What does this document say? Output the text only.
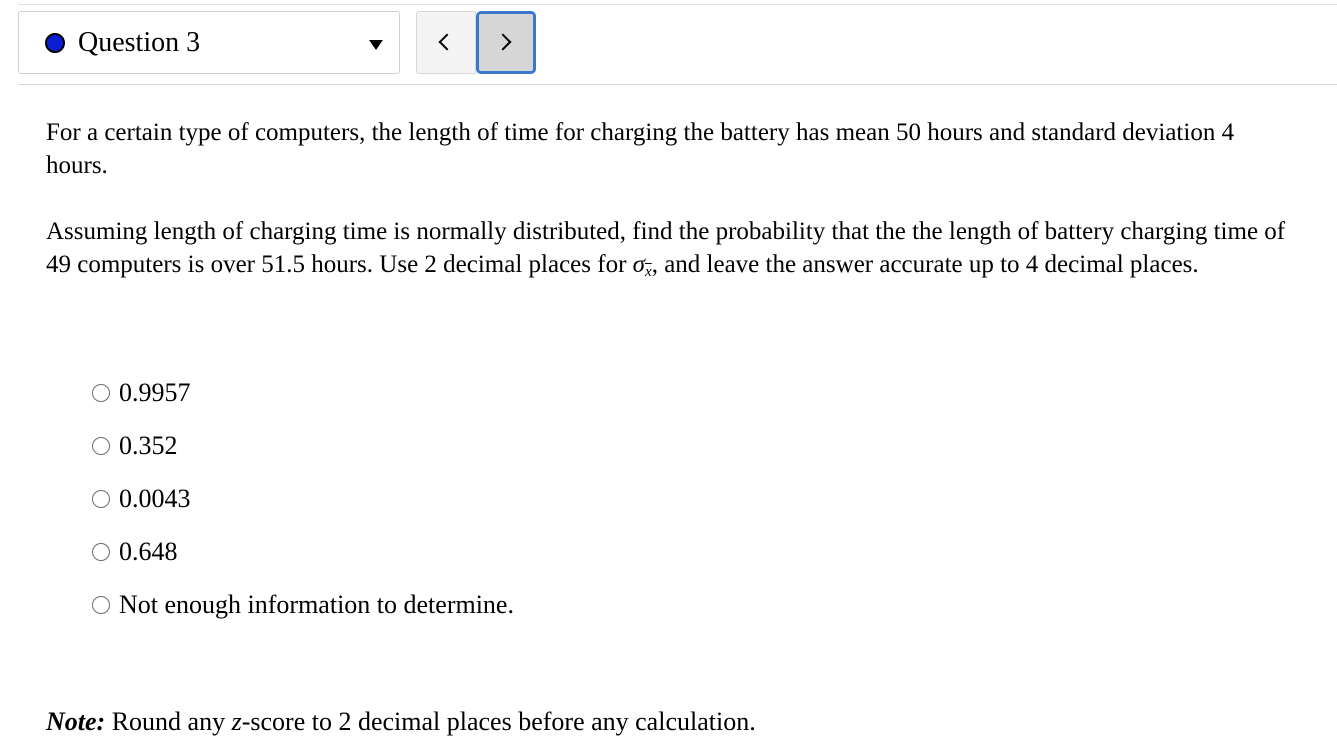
Question 3

For a certain type of computers, the length of time for charging the battery has mean 50 hours and standard deviation 4 hours.

Assuming length of charging time is normally distributed, find the probability that the the length of battery charging time of 49 computers is over 51.5 hours. Use 2 decimal places for $\sigma\overline{x}$, and leave the answer accurate up to 4 decimal places.

0.9957
0.352
0.0043
0.648
Not enough information to determine.
Note: Round any z-score to 2 decimal places before any calculation.
